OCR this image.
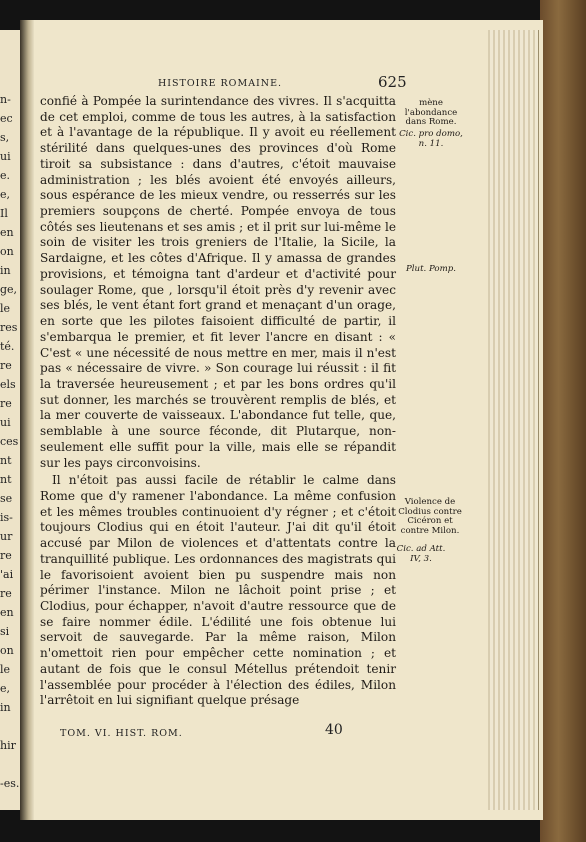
n-
ec
s,
ui
e.
e,
Il
en
on
in
ge,
le
res
té.
re
els
re
ui
ces
nt
nt
se
is-
ur
re
'ai
re
en
si
on
le
e,
in

hir

-es.
HISTOIRE ROMAINE.	625

confié à Pompée la surintendance des vivres. Il s'acquitta de cet emploi, comme de tous les autres, à la satisfaction et à l'avantage de la république. Il y avoit eu réellement stérilité dans quelques-unes des provinces d'où Rome tiroit sa subsistance : dans d'autres, c'étoit mauvaise administration ; les blés avoient été envoyés ailleurs, sous espérance de les mieux vendre, ou resserrés sur les premiers soupçons de cherté. Pompée envoya de tous côtés ses lieutenans et ses amis ; et il prit sur lui-même le soin de visiter les trois greniers de l'Italie, la Sicile, la Sardaigne, et les côtes d'Afrique. Il y amassa de grandes provisions, et témoigna tant d'ardeur et d'activité pour soulager Rome, que , lorsqu'il étoit près d'y revenir avec ses blés, le vent étant fort grand et menaçant d'un orage, en sorte que les pilotes faisoient difficulté de partir, il s'embarqua le premier, et fit lever l'ancre en disant : « C'est « une nécessité de nous mettre en mer, mais il n'est pas « nécessaire de vivre. » Son courage lui réussit : il fit la traversée heureusement ; et par les bons ordres qu'il sut donner, les marchés se trouvèrent remplis de blés, et la mer couverte de vaisseaux. L'abondance fut telle, que, semblable à une source féconde, dit Plutarque, non-seulement elle suffit pour la ville, mais elle se répandit sur les pays circonvoisins.

Il n'étoit pas aussi facile de rétablir le calme dans Rome que d'y ramener l'abondance. La même confusion et les mêmes troubles continuoient d'y régner ; et c'étoit toujours Clodius qui en étoit l'auteur. J'ai dit qu'il étoit accusé par Milon de violences et d'attentats contre la tranquillité publique. Les ordonnances des magistrats qui le favorisoient avoient bien pu suspendre mais non périmer l'instance. Milon ne lâchoit point prise ; et Clodius, pour échapper, n'avoit d'autre ressource que de se faire nommer édile. L'édilité une fois obtenue lui servoit de sauvegarde. Par la même raison, Milon n'omettoit rien pour empêcher cette nomination ; et autant de fois que le consul Métellus prétendoit tenir l'assemblée pour procéder à l'élection des édiles, Milon l'arrêtoit en lui signifiant quelque présage

mène l'abondance dans Rome.
Cic. pro domo, n. 11.
Plut. Pomp.
Violence de Clodius contre Cicéron et contre Milon.
Cic. ad Att. IV, 3.
TOM. VI. HIST. ROM.	40
